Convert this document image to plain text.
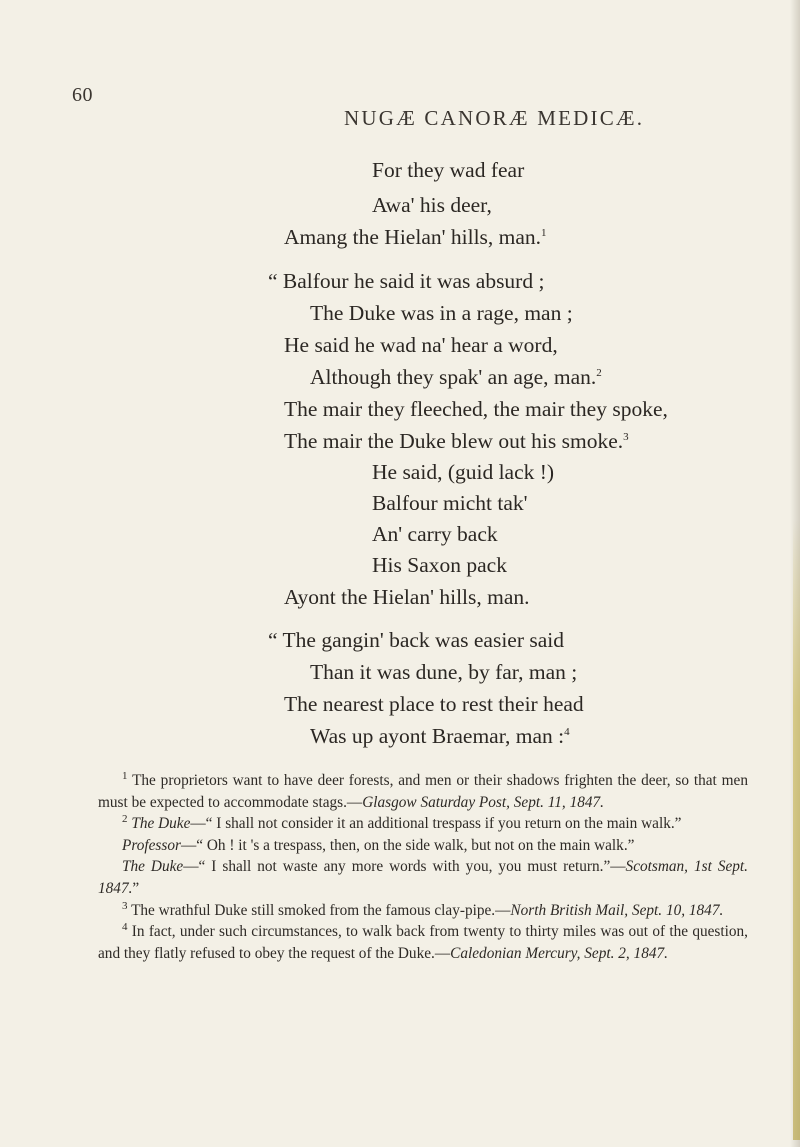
60
NUGÆ CANORÆ MEDICÆ.
For they wad fear
Awa' his deer,
Amang the Hielan' hills, man.$^1$
“ Balfour he said it was absurd ;
The Duke was in a rage, man ;
He said he wad na' hear a word,
Although they spak' an age, man.$^2$
The mair they fleeched, the mair they spoke,
The mair the Duke blew out his smoke.$^3$
He said, (guid lack !)
Balfour micht tak'
An' carry back
His Saxon pack
Ayont the Hielan' hills, man.
“ The gangin' back was easier said
Than it was dune, by far, man ;
The nearest place to rest their head
Was up ayont Braemar, man :$^4$

$^1$ The proprietors want to have deer forests, and men or their shadows frighten the deer, so that men must be expected to accommodate stags.—Glasgow Saturday Post, Sept. 11, 1847.

$^2$ The Duke—“ I shall not consider it an additional trespass if you return on the main walk.”

Professor—“ Oh ! it 's a trespass, then, on the side walk, but not on the main walk.”

The Duke—“ I shall not waste any more words with you, you must return.”—Scotsman, 1st Sept. 1847.”

$^3$ The wrathful Duke still smoked from the famous clay-pipe.—North British Mail, Sept. 10, 1847.

$^4$ In fact, under such circumstances, to walk back from twenty to thirty miles was out of the question, and they flatly refused to obey the request of the Duke.—Caledonian Mercury, Sept. 2, 1847.
